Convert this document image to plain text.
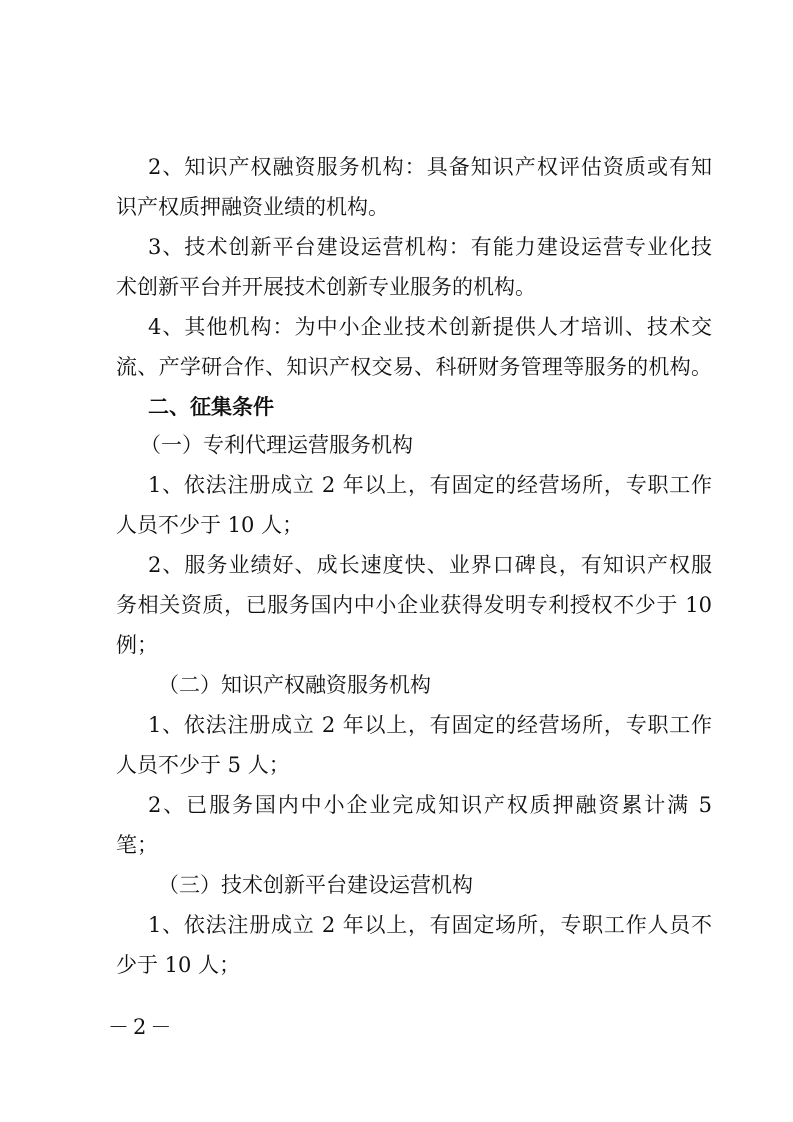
2、知识产权融资服务机构：具备知识产权评估资质或有知
识产权质押融资业绩的机构。
3、技术创新平台建设运营机构：有能力建设运营专业化技
术创新平台并开展技术创新专业服务的机构。
4、其他机构：为中小企业技术创新提供人才培训、技术交
流、产学研合作、知识产权交易、科研财务管理等服务的机构。
二、征集条件
（一）专利代理运营服务机构
1、依法注册成立 2 年以上，有固定的经营场所，专职工作
人员不少于 10 人；
2、服务业绩好、成长速度快、业界口碑良，有知识产权服
务相关资质，已服务国内中小企业获得发明专利授权不少于 10
例；
（二）知识产权融资服务机构
1、依法注册成立 2 年以上，有固定的经营场所，专职工作
人员不少于 5 人；
2、已服务国内中小企业完成知识产权质押融资累计满 5
笔；
（三）技术创新平台建设运营机构
1、依法注册成立 2 年以上，有固定场所，专职工作人员不
少于 10 人；
－2－
